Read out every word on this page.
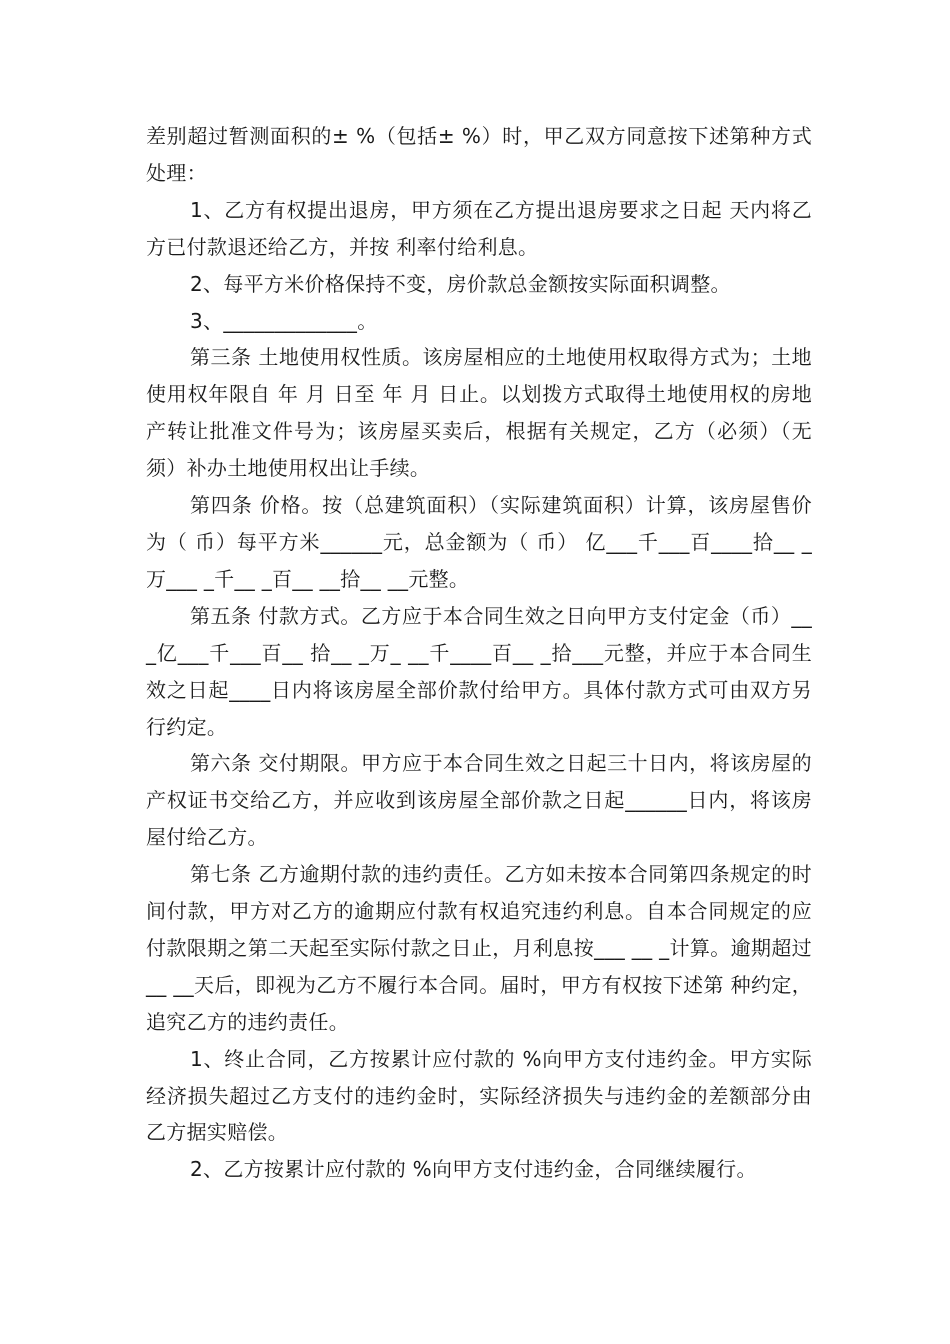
差别超过暂测面积的± %（包括± %）时，甲乙双方同意按下述第种方式处理：

1、乙方有权提出退房，甲方须在乙方提出退房要求之日起 天内将乙方已付款退还给乙方，并按 利率付给利息。

2、每平方米价格保持不变，房价款总金额按实际面积调整。

3、_____________。

第三条 土地使用权性质。该房屋相应的土地使用权取得方式为；土地使用权年限自 年 月 日至 年 月 日止。以划拨方式取得土地使用权的房地产转让批准文件号为；该房屋买卖后，根据有关规定，乙方（必须）（无须）补办土地使用权出让手续。

第四条 价格。按（总建筑面积）（实际建筑面积）计算，该房屋售价为（ 币）每平方米______元，总金额为（ 币） 亿___千___百____拾__ _万___ _千__ _百__ __拾__ __元整。

第五条 付款方式。乙方应于本合同生效之日向甲方支付定金（币）___亿___千___百__ 拾__ _万_ __千____百__ _拾___元整，并应于本合同生效之日起____日内将该房屋全部价款付给甲方。具体付款方式可由双方另行约定。

第六条 交付期限。甲方应于本合同生效之日起三十日内，将该房屋的产权证书交给乙方，并应收到该房屋全部价款之日起______日内，将该房屋付给乙方。

第七条 乙方逾期付款的违约责任。乙方如未按本合同第四条规定的时间付款，甲方对乙方的逾期应付款有权追究违约利息。自本合同规定的应付款限期之第二天起至实际付款之日止，月利息按___ __ _计算。逾期超过__ __天后，即视为乙方不履行本合同。届时，甲方有权按下述第 种约定，追究乙方的违约责任。

1、终止合同，乙方按累计应付款的 %向甲方支付违约金。甲方实际经济损失超过乙方支付的违约金时，实际经济损失与违约金的差额部分由乙方据实赔偿。

2、乙方按累计应付款的 %向甲方支付违约金，合同继续履行。
